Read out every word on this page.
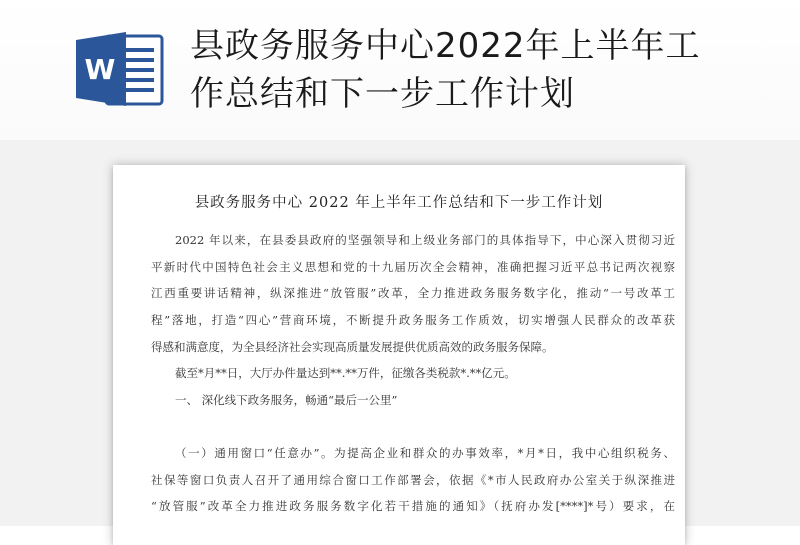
W
县政务服务中心2022年上半年工作总结和下一步工作计划
县政务服务中心 2022 年上半年工作总结和下一步工作计划
2022 年以来，在县委县政府的坚强领导和上级业务部门的具体指导下，中心深入贯彻习近
平新时代中国特色社会主义思想和党的十九届历次全会精神，准确把握习近平总书记两次视察
江西重要讲话精神，纵深推进“放管服”改革，全力推进政务服务数字化，推动“一号改革工
程”落地，打造“四心”营商环境，不断提升政务服务工作质效，切实增强人民群众的改革获
得感和满意度，为全县经济社会实现高质量发展提供优质高效的政务服务保障。
截至*月**日，大厅办件量达到**.**万件，征缴各类税款*.**亿元。
一、 深化线下政务服务，畅通“最后一公里”
（一）通用窗口“任意办”。为提高企业和群众的办事效率，*月*日，我中心组织税务、
社保等窗口负责人召开了通用综合窗口工作部署会，依据《*市人民政府办公室关于纵深推进
“放管服”改革全力推进政务服务数字化若干措施的通知》（抚府办发[****]*号）要求，在
